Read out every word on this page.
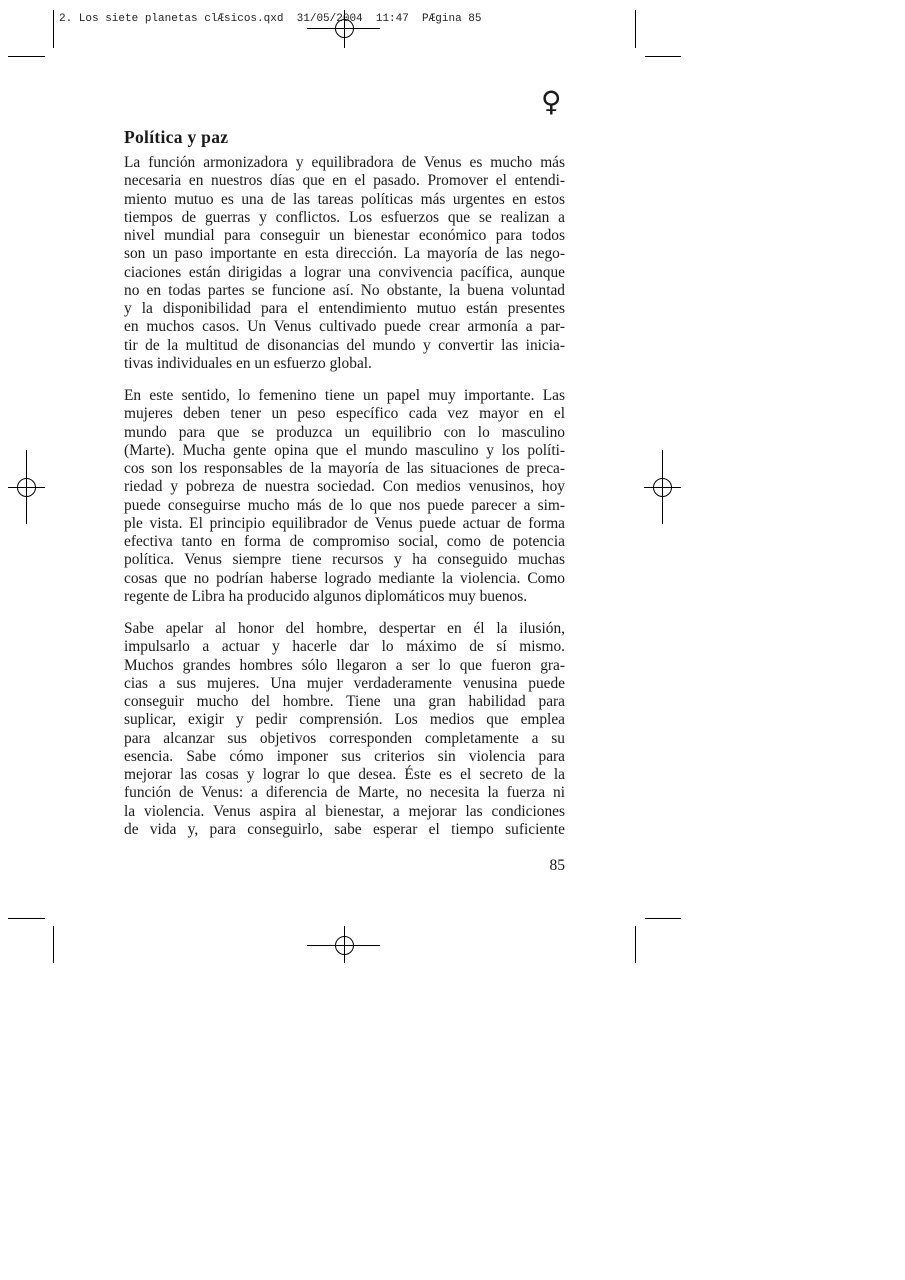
2. Los siete planetas clÆsicos.qxd  31/05/2004  11:47  PÆgina 85
♀
Política y paz
La función armonizadora y equilibradora de Venus es mucho más
necesaria en nuestros días que en el pasado. Promover el entendi-
miento mutuo es una de las tareas políticas más urgentes en estos
tiempos de guerras y conflictos. Los esfuerzos que se realizan a
nivel mundial para conseguir un bienestar económico para todos
son un paso importante en esta dirección. La mayoría de las nego-
ciaciones están dirigidas a lograr una convivencia pacífica, aunque
no en todas partes se funcione así. No obstante, la buena voluntad
y la disponibilidad para el entendimiento mutuo están presentes
en muchos casos. Un Venus cultivado puede crear armonía a par-
tir de la multitud de disonancias del mundo y convertir las inicia-
tivas individuales en un esfuerzo global.
En este sentido, lo femenino tiene un papel muy importante. Las
mujeres deben tener un peso específico cada vez mayor en el
mundo para que se produzca un equilibrio con lo masculino
(Marte). Mucha gente opina que el mundo masculino y los políti-
cos son los responsables de la mayoría de las situaciones de preca-
riedad y pobreza de nuestra sociedad. Con medios venusinos, hoy
puede conseguirse mucho más de lo que nos puede parecer a sim-
ple vista. El principio equilibrador de Venus puede actuar de forma
efectiva tanto en forma de compromiso social, como de potencia
política. Venus siempre tiene recursos y ha conseguido muchas
cosas que no podrían haberse logrado mediante la violencia. Como
regente de Libra ha producido algunos diplomáticos muy buenos.
Sabe apelar al honor del hombre, despertar en él la ilusión,
impulsarlo a actuar y hacerle dar lo máximo de sí mismo.
Muchos grandes hombres sólo llegaron a ser lo que fueron gra-
cias a sus mujeres. Una mujer verdaderamente venusina puede
conseguir mucho del hombre. Tiene una gran habilidad para
suplicar, exigir y pedir comprensión. Los medios que emplea
para alcanzar sus objetivos corresponden completamente a su
esencia. Sabe cómo imponer sus criterios sin violencia para
mejorar las cosas y lograr lo que desea. Éste es el secreto de la
función de Venus: a diferencia de Marte, no necesita la fuerza ni
la violencia. Venus aspira al bienestar, a mejorar las condiciones
de vida y, para conseguirlo, sabe esperar el tiempo suficiente
85
